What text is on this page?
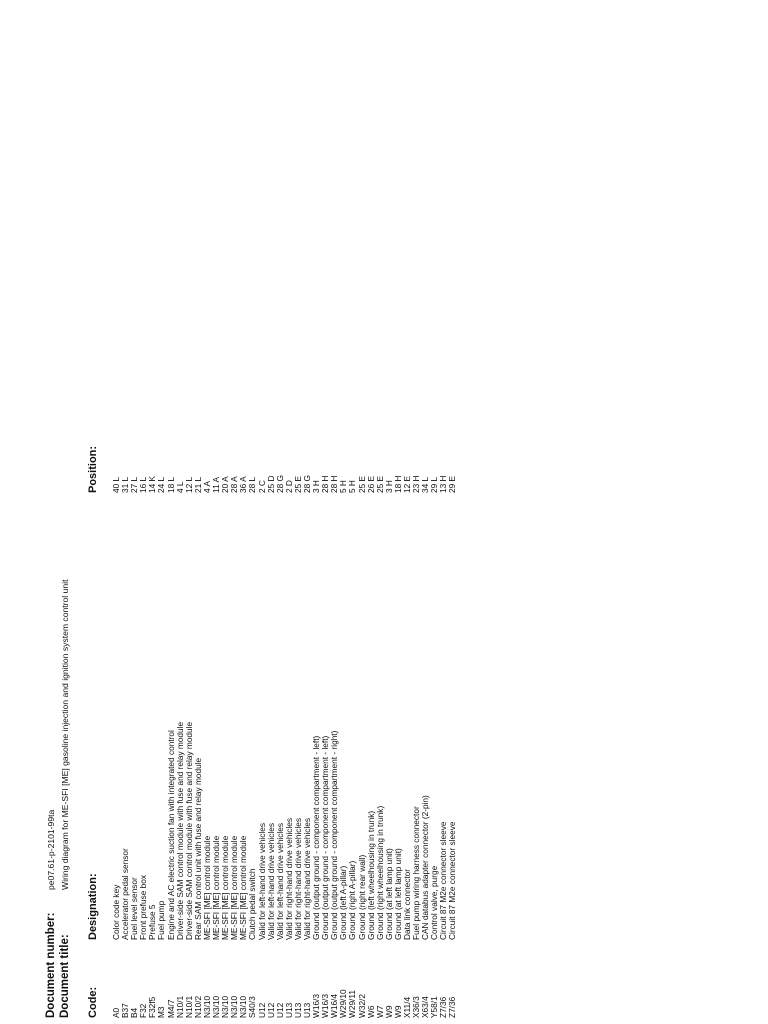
Document number:
pe07.61-p-2101-99ta
Document title:
Wiring diagram for ME-SFI [ME] gasoline injection and ignition system control unit
Code:
Designation:
Position:
A0
Color code key
40 L
B37
Accelerator pedal sensor
31 L
B4
Fuel level sensor
27 L
F32
Front prefuse box
16 L
F32f5
Prefuse 5
14 K
M3
Fuel pump
24 L
M4/7
Engine and AC electric suction fan with integrated control
18 L
N10/1
Driver-side SAM control module with fuse and relay module
4 L
N10/1
Driver-side SAM control module with fuse and relay module
12 L
N10/2
Rear SAM control unit with fuse and relay module
21 L
N3/10
ME-SFI [ME] control module
4 A
N3/10
ME-SFI [ME] control module
11 A
N3/10
ME-SFI [ME] control module
20 A
N3/10
ME-SFI [ME] control module
28 A
N3/10
ME-SFI [ME] control module
36 A
S40/3
Clutch pedal switch
28 L
U12
Valid for left-hand drive vehicles
2 C
U12
Valid for left-hand drive vehicles
25 D
U12
Valid for left-hand drive vehicles
28 G
U13
Valid for right-hand drive vehicles
2 D
U13
Valid for right-hand drive vehicles
25 E
U13
Valid for right-hand drive vehicles
28 G
W16/3
Ground (output ground - component compartment - left)
3 H
W16/3
Ground (output ground - component compartment - left)
28 H
W16/4
Ground (output ground - component compartment - right)
28 H
W29/10
Ground (left A-pillar)
5 H
W29/11
Ground (right A-pillar)
5 H
W32/2
Ground (right rear wall)
25 E
W6
Ground (left wheelhousing in trunk)
26 E
W7
Ground (right wheelhousing in trunk)
25 E
W9
Ground (at left lamp unit)
3 H
W9
Ground (at left lamp unit)
18 H
X11/4
Data link connector
12 E
X36/3
Fuel pump wiring harness connector
23 H
X63/4
CAN databus adapter connector (2-pin)
34 L
Y58/1
Control valve, purge
29 L
Z7/36
Circuit 87 M2e connector sleeve
13 H
Z7/36
Circuit 87 M2e connector sleeve
29 E
